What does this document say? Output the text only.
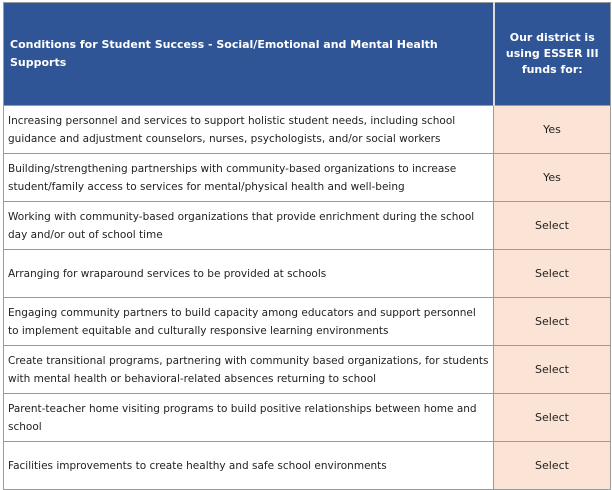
Conditions for Student Success - Social/Emotional and Mental Health Supports	Our district is using ESSER III funds for:
Increasing personnel and services to support holistic student needs, including school guidance and adjustment counselors, nurses, psychologists, and/or social workers	Yes
Building/strengthening partnerships with community-based organizations to increase student/family access to services for mental/physical health and well-being	Yes
Working with community-based organizations that provide enrichment during the school day and/or out of school time	Select
Arranging for wraparound services to be provided at schools	Select
Engaging community partners to build capacity among educators and support personnel to implement equitable and culturally responsive learning environments	Select
Create transitional programs, partnering with community based organizations, for students with mental health or behavioral-related absences returning to school	Select
Parent-teacher home visiting programs to build positive relationships between home and school	Select
Facilities improvements to create healthy and safe school environments	Select
